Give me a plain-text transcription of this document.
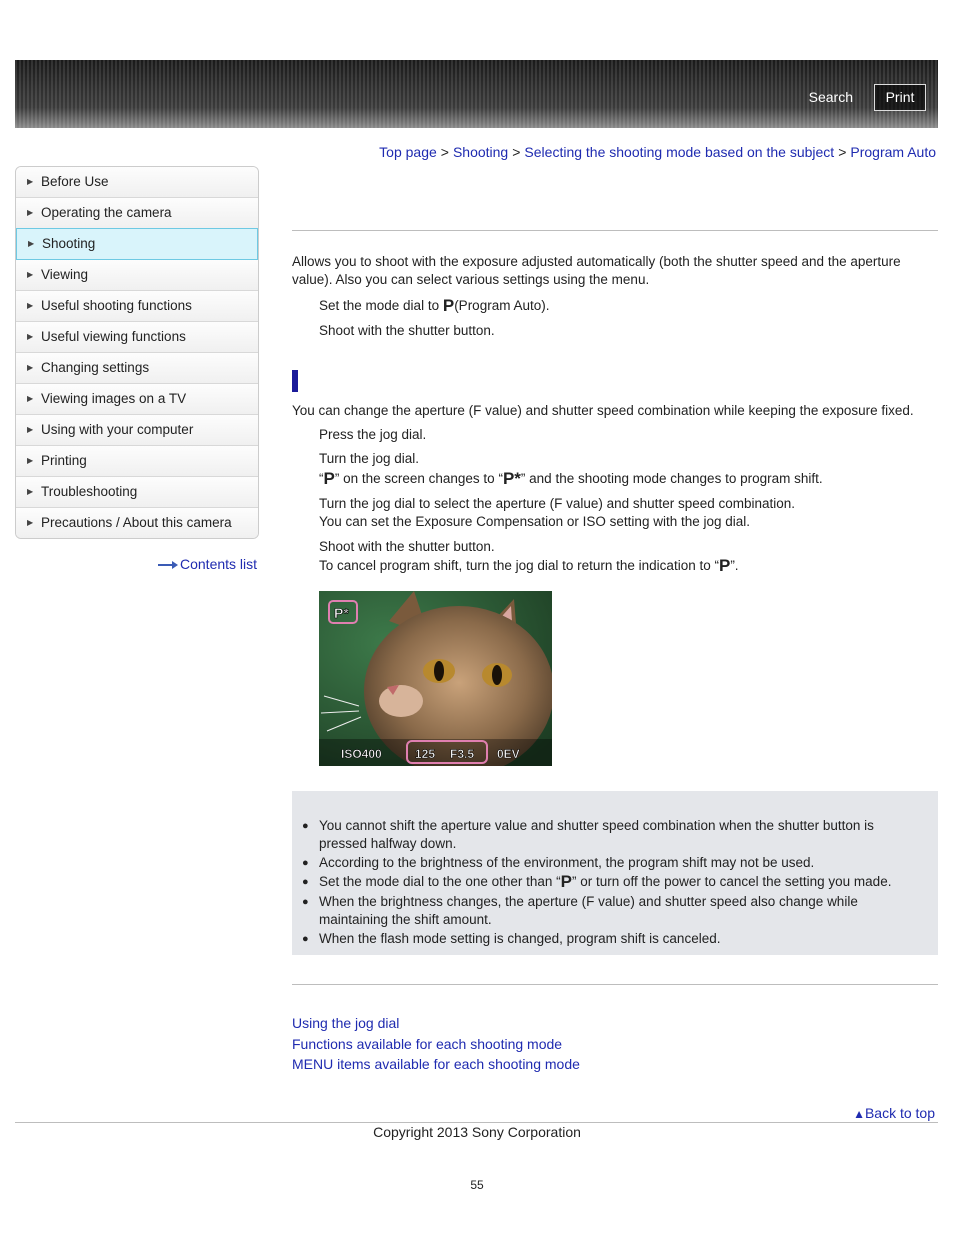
Search	Print
Top page > Shooting > Selecting the shooting mode based on the subject > Program Auto
▶ Before Use
▶ Operating the camera
▶ Shooting
▶ Viewing
▶ Useful shooting functions
▶ Useful viewing functions
▶ Changing settings
▶ Viewing images on a TV
▶ Using with your computer
▶ Printing
▶ Troubleshooting
▶ Precautions / About this camera
Contents list
Allows you to shoot with the exposure adjusted automatically (both the shutter speed and the aperture value). Also you can select various settings using the menu.
Set the mode dial to P(Program Auto).
Shoot with the shutter button.
You can change the aperture (F value) and shutter speed combination while keeping the exposure fixed.
Press the jog dial.
Turn the jog dial.
“P” on the screen changes to “P*” and the shooting mode changes to program shift.
Turn the jog dial to select the aperture (F value) and shutter speed combination.
You can set the Exposure Compensation or ISO setting with the jog dial.
Shoot with the shutter button.
To cancel program shift, turn the jog dial to return the indication to “P”.
P*
ISO400	125 F3.5 0EV
● You cannot shift the aperture value and shutter speed combination when the shutter button is pressed halfway down.
● According to the brightness of the environment, the program shift may not be used.
● Set the mode dial to the one other than “P” or turn off the power to cancel the setting you made.
● When the brightness changes, the aperture (F value) and shutter speed also change while maintaining the shift amount.
● When the flash mode setting is changed, program shift is canceled.
Using the jog dial
Functions available for each shooting mode
MENU items available for each shooting mode
▲Back to top
Copyright 2013 Sony Corporation
55
